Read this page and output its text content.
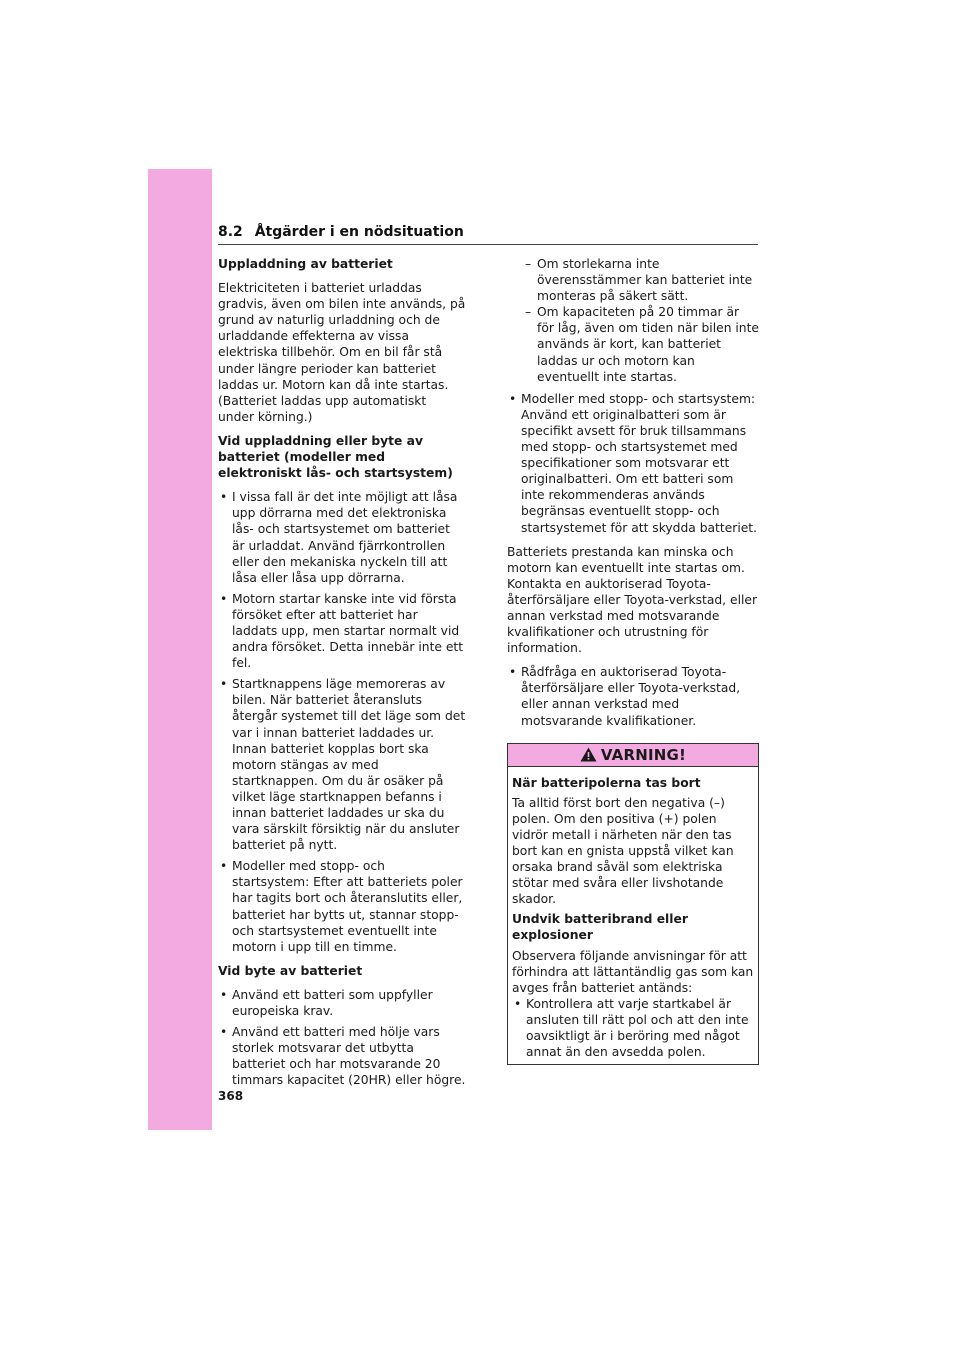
8.2 Åtgärder i en nödsituation
Uppladdning av batteriet
Elektriciteten i batteriet urladdas gradvis, även om bilen inte används, på grund av naturlig urladdning och de urladdande effekterna av vissa elektriska tillbehör. Om en bil får stå under längre perioder kan batteriet laddas ur. Motorn kan då inte startas. (Batteriet laddas upp automatiskt under körning.)
Vid uppladdning eller byte av batteriet (modeller med elektroniskt lås- och startsystem)
• I vissa fall är det inte möjligt att låsa upp dörrarna med det elektroniska lås- och startsystemet om batteriet är urladdat. Använd fjärrkontrollen eller den mekaniska nyckeln till att låsa eller låsa upp dörrarna.
• Motorn startar kanske inte vid första försöket efter att batteriet har laddats upp, men startar normalt vid andra försöket. Detta innebär inte ett fel.
• Startknappens läge memoreras av bilen. När batteriet återansluts återgår systemet till det läge som det var i innan batteriet laddades ur. Innan batteriet kopplas bort ska motorn stängas av med startknappen. Om du är osäker på vilket läge startknappen befanns i innan batteriet laddades ur ska du vara särskilt försiktig när du ansluter batteriet på nytt.
• Modeller med stopp- och startsystem: Efter att batteriets poler har tagits bort och återanslutits eller, batteriet har bytts ut, stannar stopp- och startsystemet eventuellt inte motorn i upp till en timme.
Vid byte av batteriet
• Använd ett batteri som uppfyller europeiska krav.
• Använd ett batteri med hölje vars storlek motsvarar det utbytta batteriet och har motsvarande 20 timmars kapacitet (20HR) eller högre.
– Om storlekarna inte överensstämmer kan batteriet inte monteras på säkert sätt.
– Om kapaciteten på 20 timmar är för låg, även om tiden när bilen inte används är kort, kan batteriet laddas ur och motorn kan eventuellt inte startas.
• Modeller med stopp- och startsystem: Använd ett originalbatteri som är specifikt avsett för bruk tillsammans med stopp- och startsystemet med specifikationer som motsvarar ett originalbatteri. Om ett batteri som inte rekommenderas används begränsas eventuellt stopp- och startsystemet för att skydda batteriet.
Batteriets prestanda kan minska och motorn kan eventuellt inte startas om. Kontakta en auktoriserad Toyota-återförsäljare eller Toyota-verkstad, eller annan verkstad med motsvarande kvalifikationer och utrustning för information.
• Rådfråga en auktoriserad Toyota-återförsäljare eller Toyota-verkstad, eller annan verkstad med motsvarande kvalifikationer.
VARNING!
När batteripolerna tas bort
Ta alltid först bort den negativa (–) polen. Om den positiva (+) polen vidrör metall i närheten när den tas bort kan en gnista uppstå vilket kan orsaka brand såväl som elektriska stötar med svåra eller livshotande skador.
Undvik batteribrand eller explosioner
Observera följande anvisningar för att förhindra att lättantändlig gas som kan avges från batteriet antänds:
• Kontrollera att varje startkabel är ansluten till rätt pol och att den inte oavsiktligt är i beröring med något annat än den avsedda polen.
368
